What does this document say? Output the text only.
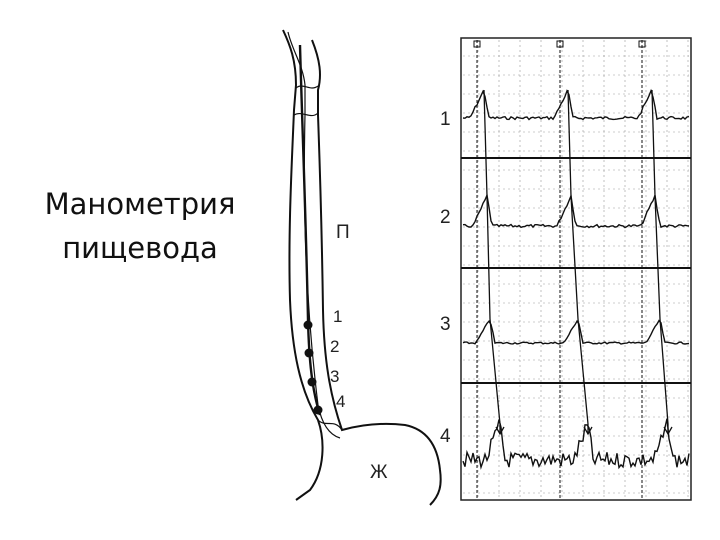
Манометрия
пищевода	П
1
2
3
4
Ж
1
2
3
4
